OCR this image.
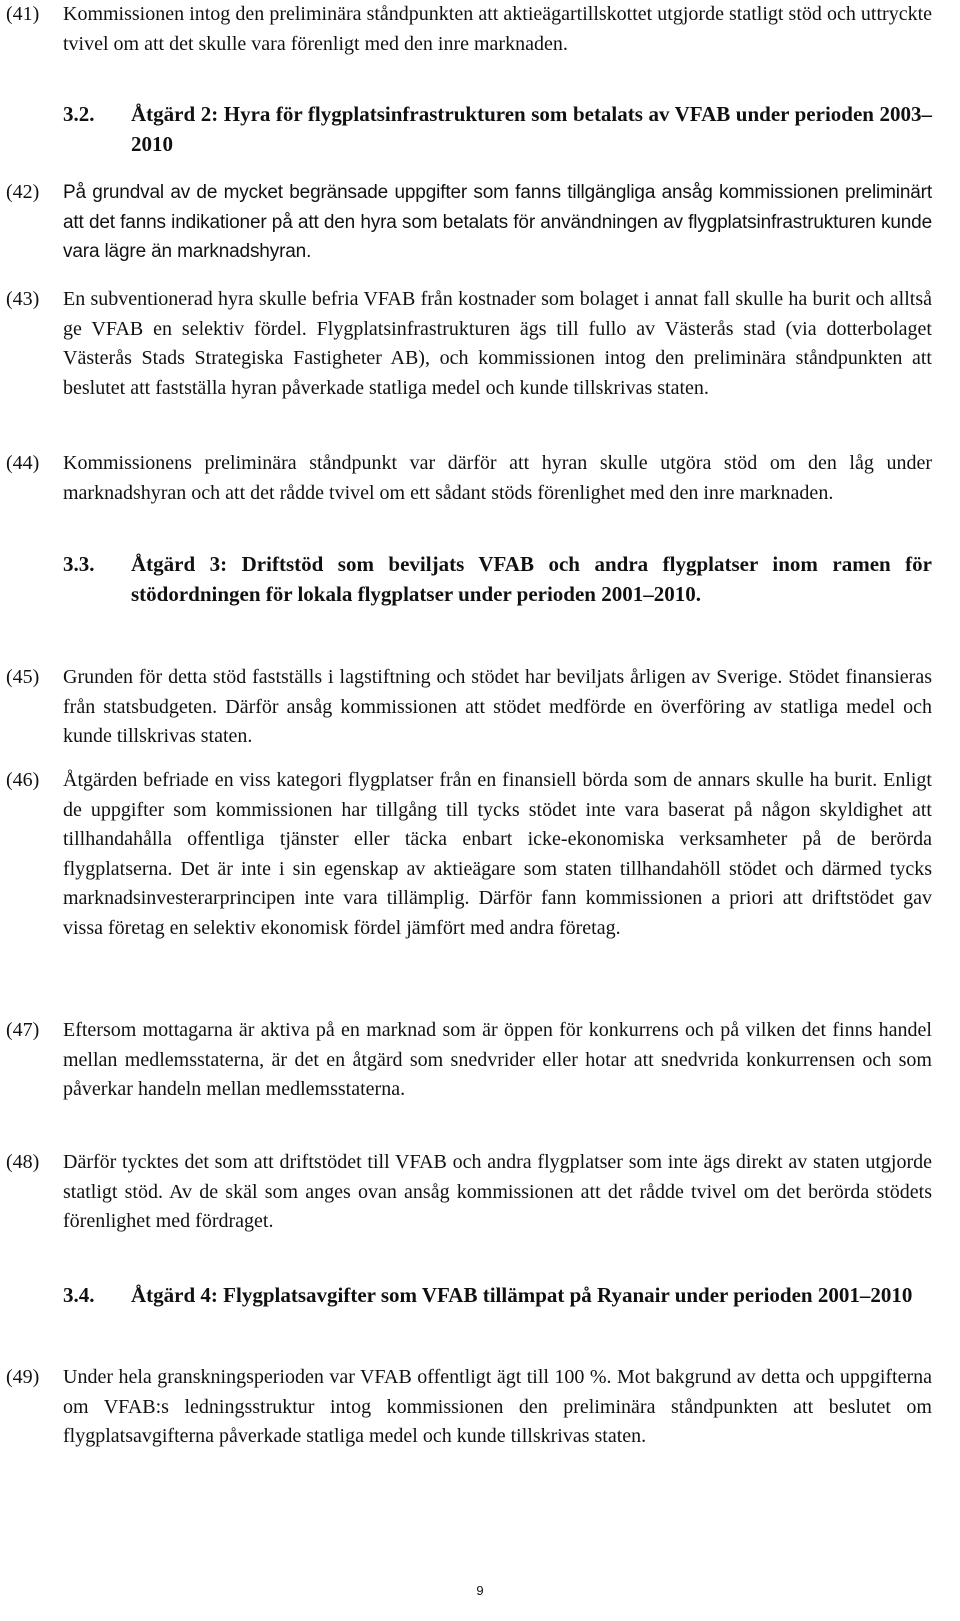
(41)	Kommissionen intog den preliminära ståndpunkten att aktieägartillskottet utgjorde statligt stöd och uttryckte tvivel om att det skulle vara förenligt med den inre marknaden.
3.2.	Åtgärd 2: Hyra för flygplatsinfrastrukturen som betalats av VFAB under perioden 2003–2010
(42)	På grundval av de mycket begränsade uppgifter som fanns tillgängliga ansåg kommissionen preliminärt att det fanns indikationer på att den hyra som betalats för användningen av flygplatsinfrastrukturen kunde vara lägre än marknadshyran.
(43)	En subventionerad hyra skulle befria VFAB från kostnader som bolaget i annat fall skulle ha burit och alltså ge VFAB en selektiv fördel. Flygplatsinfrastrukturen ägs till fullo av Västerås stad (via dotterbolaget Västerås Stads Strategiska Fastigheter AB), och kommissionen intog den preliminära ståndpunkten att beslutet att fastställa hyran påverkade statliga medel och kunde tillskrivas staten.
(44)	Kommissionens preliminära ståndpunkt var därför att hyran skulle utgöra stöd om den låg under marknadshyran och att det rådde tvivel om ett sådant stöds förenlighet med den inre marknaden.
3.3.	Åtgärd 3: Driftstöd som beviljats VFAB och andra flygplatser inom ramen för stödordningen för lokala flygplatser under perioden 2001–2010.
(45)	Grunden för detta stöd fastställs i lagstiftning och stödet har beviljats årligen av Sverige. Stödet finansieras från statsbudgeten. Därför ansåg kommissionen att stödet medförde en överföring av statliga medel och kunde tillskrivas staten.
(46)	Åtgärden befriade en viss kategori flygplatser från en finansiell börda som de annars skulle ha burit. Enligt de uppgifter som kommissionen har tillgång till tycks stödet inte vara baserat på någon skyldighet att tillhandahålla offentliga tjänster eller täcka enbart icke-ekonomiska verksamheter på de berörda flygplatserna. Det är inte i sin egenskap av aktieägare som staten tillhandahöll stödet och därmed tycks marknadsinvesterarprincipen inte vara tillämplig. Därför fann kommissionen a priori att driftstödet gav vissa företag en selektiv ekonomisk fördel jämfört med andra företag.
(47)	Eftersom mottagarna är aktiva på en marknad som är öppen för konkurrens och på vilken det finns handel mellan medlemsstaterna, är det en åtgärd som snedvrider eller hotar att snedvrida konkurrensen och som påverkar handeln mellan medlemsstaterna.
(48)	Därför tycktes det som att driftstödet till VFAB och andra flygplatser som inte ägs direkt av staten utgjorde statligt stöd. Av de skäl som anges ovan ansåg kommissionen att det rådde tvivel om det berörda stödets förenlighet med fördraget.
3.4.	Åtgärd 4: Flygplatsavgifter som VFAB tillämpat på Ryanair under perioden 2001–2010
(49)	Under hela granskningsperioden var VFAB offentligt ägt till 100 %. Mot bakgrund av detta och uppgifterna om VFAB:s ledningsstruktur intog kommissionen den preliminära ståndpunkten att beslutet om flygplatsavgifterna påverkade statliga medel och kunde tillskrivas staten.
9
